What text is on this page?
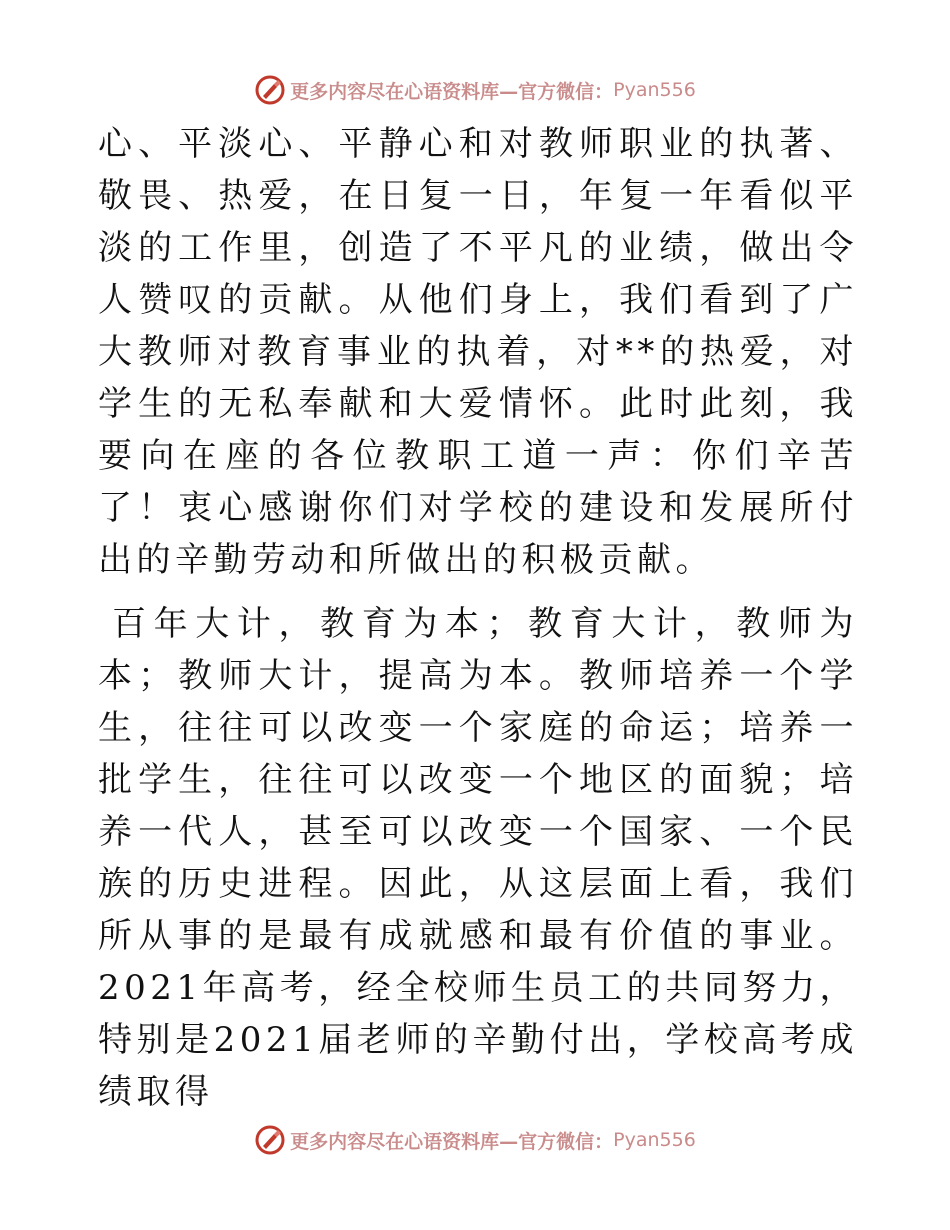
更多内容尽在心语资料库—官方微信： Pyan556

心、平淡心、平静心和对教师职业的执著、敬畏、热爱，在日复一日，年复一年看似平淡的工作里，创造了不平凡的业绩，做出令人赞叹的贡献。从他们身上，我们看到了广大教师对教育事业的执着，对**的热爱，对学生的无私奉献和大爱情怀。此时此刻，我要向在座的各位教职工道一声：你们辛苦了！衷心感谢你们对学校的建设和发展所付出的辛勤劳动和所做出的积极贡献。

百年大计，教育为本；教育大计，教师为本；教师大计，提高为本。教师培养一个学生，往往可以改变一个家庭的命运；培养一批学生，往往可以改变一个地区的面貌；培养一代人，甚至可以改变一个国家、一个民族的历史进程。因此，从这层面上看，我们所从事的是最有成就感和最有价值的事业。2021年高考，经全校师生员工的共同努力，特别是2021届老师的辛勤付出，学校高考成绩取得

更多内容尽在心语资料库—官方微信： Pyan556
